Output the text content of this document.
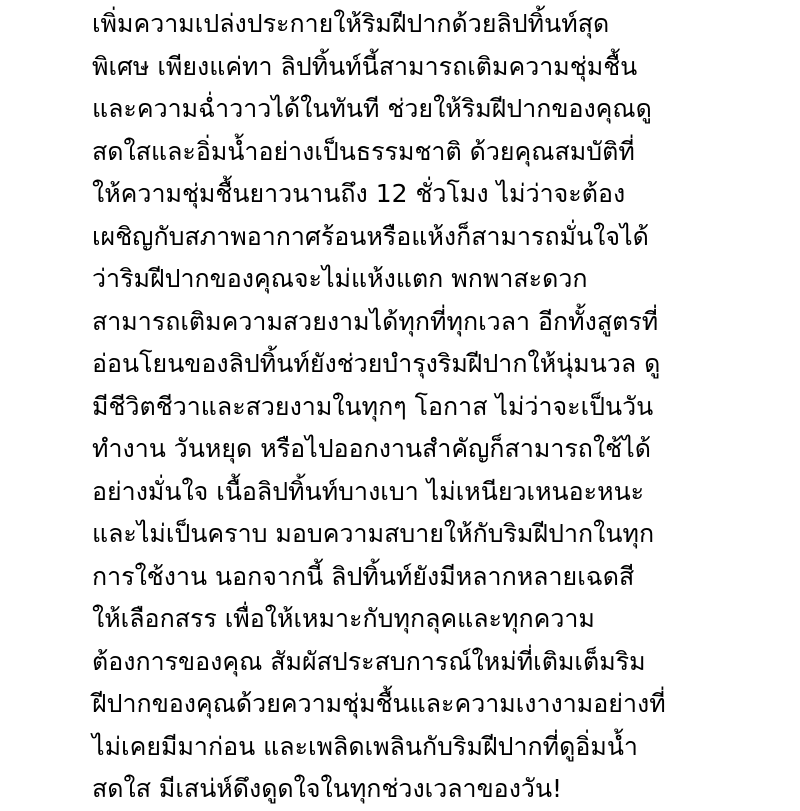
เพิ่มความเปล่งประกายให้ริมฝีปากด้วยลิปทิ้นท์สุด
พิเศษ เพียงแค่ทา ลิปทิ้นท์นี้สามารถเติมความชุ่มชื้น
และความฉ่ำวาวได้ในทันที ช่วยให้ริมฝีปากของคุณดู
สดใสและอิ่มน้ำอย่างเป็นธรรมชาติ ด้วยคุณสมบัติที่
ให้ความชุ่มชื้นยาวนานถึง 12 ชั่วโมง ไม่ว่าจะต้อง
เผชิญกับสภาพอากาศร้อนหรือแห้งก็สามารถมั่นใจได้
ว่าริมฝีปากของคุณจะไม่แห้งแตก พกพาสะดวก
สามารถเติมความสวยงามได้ทุกที่ทุกเวลา อีกทั้งสูตรที่
อ่อนโยนของลิปทิ้นท์ยังช่วยบำรุงริมฝีปากให้นุ่มนวล ดู
มีชีวิตชีวาและสวยงามในทุกๆ โอกาส ไม่ว่าจะเป็นวัน
ทำงาน วันหยุด หรือไปออกงานสำคัญก็สามารถใช้ได้
อย่างมั่นใจ เนื้อลิปทิ้นท์บางเบา ไม่เหนียวเหนอะหนะ
และไม่เป็นคราบ มอบความสบายให้กับริมฝีปากในทุก
การใช้งาน นอกจากนี้ ลิปทิ้นท์ยังมีหลากหลายเฉดสี
ให้เลือกสรร เพื่อให้เหมาะกับทุกลุคและทุกความ
ต้องการของคุณ สัมผัสประสบการณ์ใหม่ที่เติมเต็มริม
ฝีปากของคุณด้วยความชุ่มชื้นและความเงางามอย่างที่
ไม่เคยมีมาก่อน และเพลิดเพลินกับริมฝีปากที่ดูอิ่มน้ำ
สดใส มีเสน่ห์ดึงดูดใจในทุกช่วงเวลาของวัน!
